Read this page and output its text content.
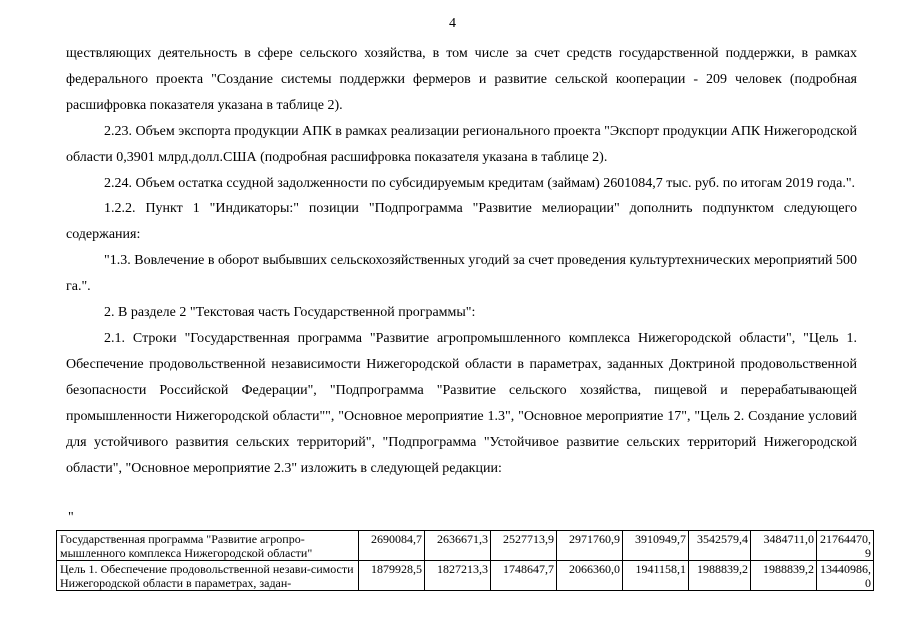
4

ществляющих деятельность в сфере сельского хозяйства, в том числе за счет средств государственной поддержки, в рамках федерального проекта "Создание системы поддержки фермеров и развитие сельской кооперации - 209 человек (подробная расшифровка показателя указана в таблице 2).

2.23. Объем экспорта продукции АПК в рамках реализации регионального проекта "Экспорт продукции АПК Нижегородской области 0,3901 млрд.долл.США (подробная расшифровка показателя указана в таблице 2).

2.24. Объем остатка ссудной задолженности по субсидируемым кредитам (займам) 2601084,7 тыс. руб. по итогам 2019 года.".

1.2.2. Пункт 1 "Индикаторы:" позиции "Подпрограмма "Развитие мелиорации" дополнить подпунктом следующего содержания:

"1.3. Вовлечение в оборот выбывших сельскохозяйственных угодий за счет проведения культуртехнических мероприятий 500 га.".

2. В разделе 2 "Текстовая часть Государственной программы":

2.1. Строки "Государственная программа "Развитие агропромышленного комплекса Нижегородской области", "Цель 1. Обеспечение продовольственной независимости Нижегородской области в параметрах, заданных Доктриной продовольственной безопасности Российской Федерации", "Подпрограмма "Развитие сельского хозяйства, пищевой и перерабатывающей промышленности Нижегородской области"", "Основное мероприятие 1.3", "Основное мероприятие 17", "Цель 2. Создание условий для устойчивого развития сельских территорий", "Подпрограмма "Устойчивое развитие сельских территорий Нижегородской области", "Основное мероприятие 2.3" изложить в следующей редакции:

"
Государственная программа "Развитие агропро-мышленного комплекса Нижегородской области"	2690084,7	2636671,3	2527713,9	2971760,9	3910949,7	3542579,4	3484711,0	21764470,9
Цель 1. Обеспечение продовольственной незави-симости Нижегородской области в параметрах, задан-	1879928,5	1827213,3	1748647,7	2066360,0	1941158,1	1988839,2	1988839,2	13440986,0
